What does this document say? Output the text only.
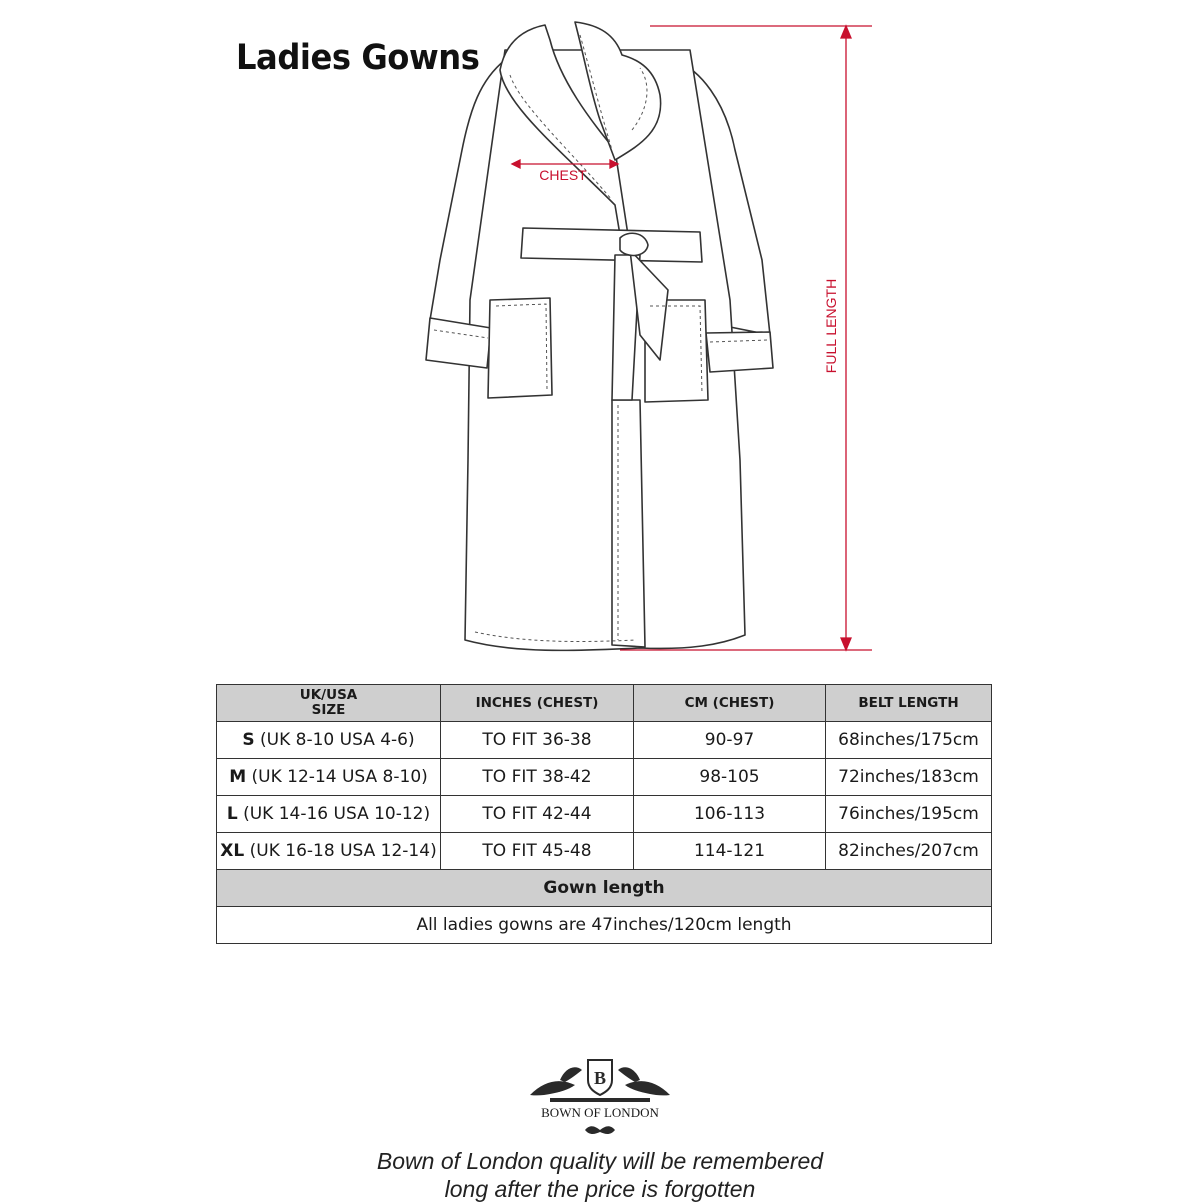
Ladies Gowns
CHEST
FULL LENGTH
UK/USA
SIZE	INCHES (CHEST)	CM (CHEST)	BELT LENGTH
S (UK 8-10 USA 4-6)	TO FIT 36-38	90-97	68inches/175cm
M (UK 12-14 USA 8-10)	TO FIT 38-42	98-105	72inches/183cm
L (UK 14-16 USA 10-12)	TO FIT 42-44	106-113	76inches/195cm
XL (UK 16-18 USA 12-14)	TO FIT 45-48	114-121	82inches/207cm
Gown length			
All ladies gowns are 47inches/120cm length			
B
BOWN OF LONDON
Bown of London quality will be remembered
long after the price is forgotten
